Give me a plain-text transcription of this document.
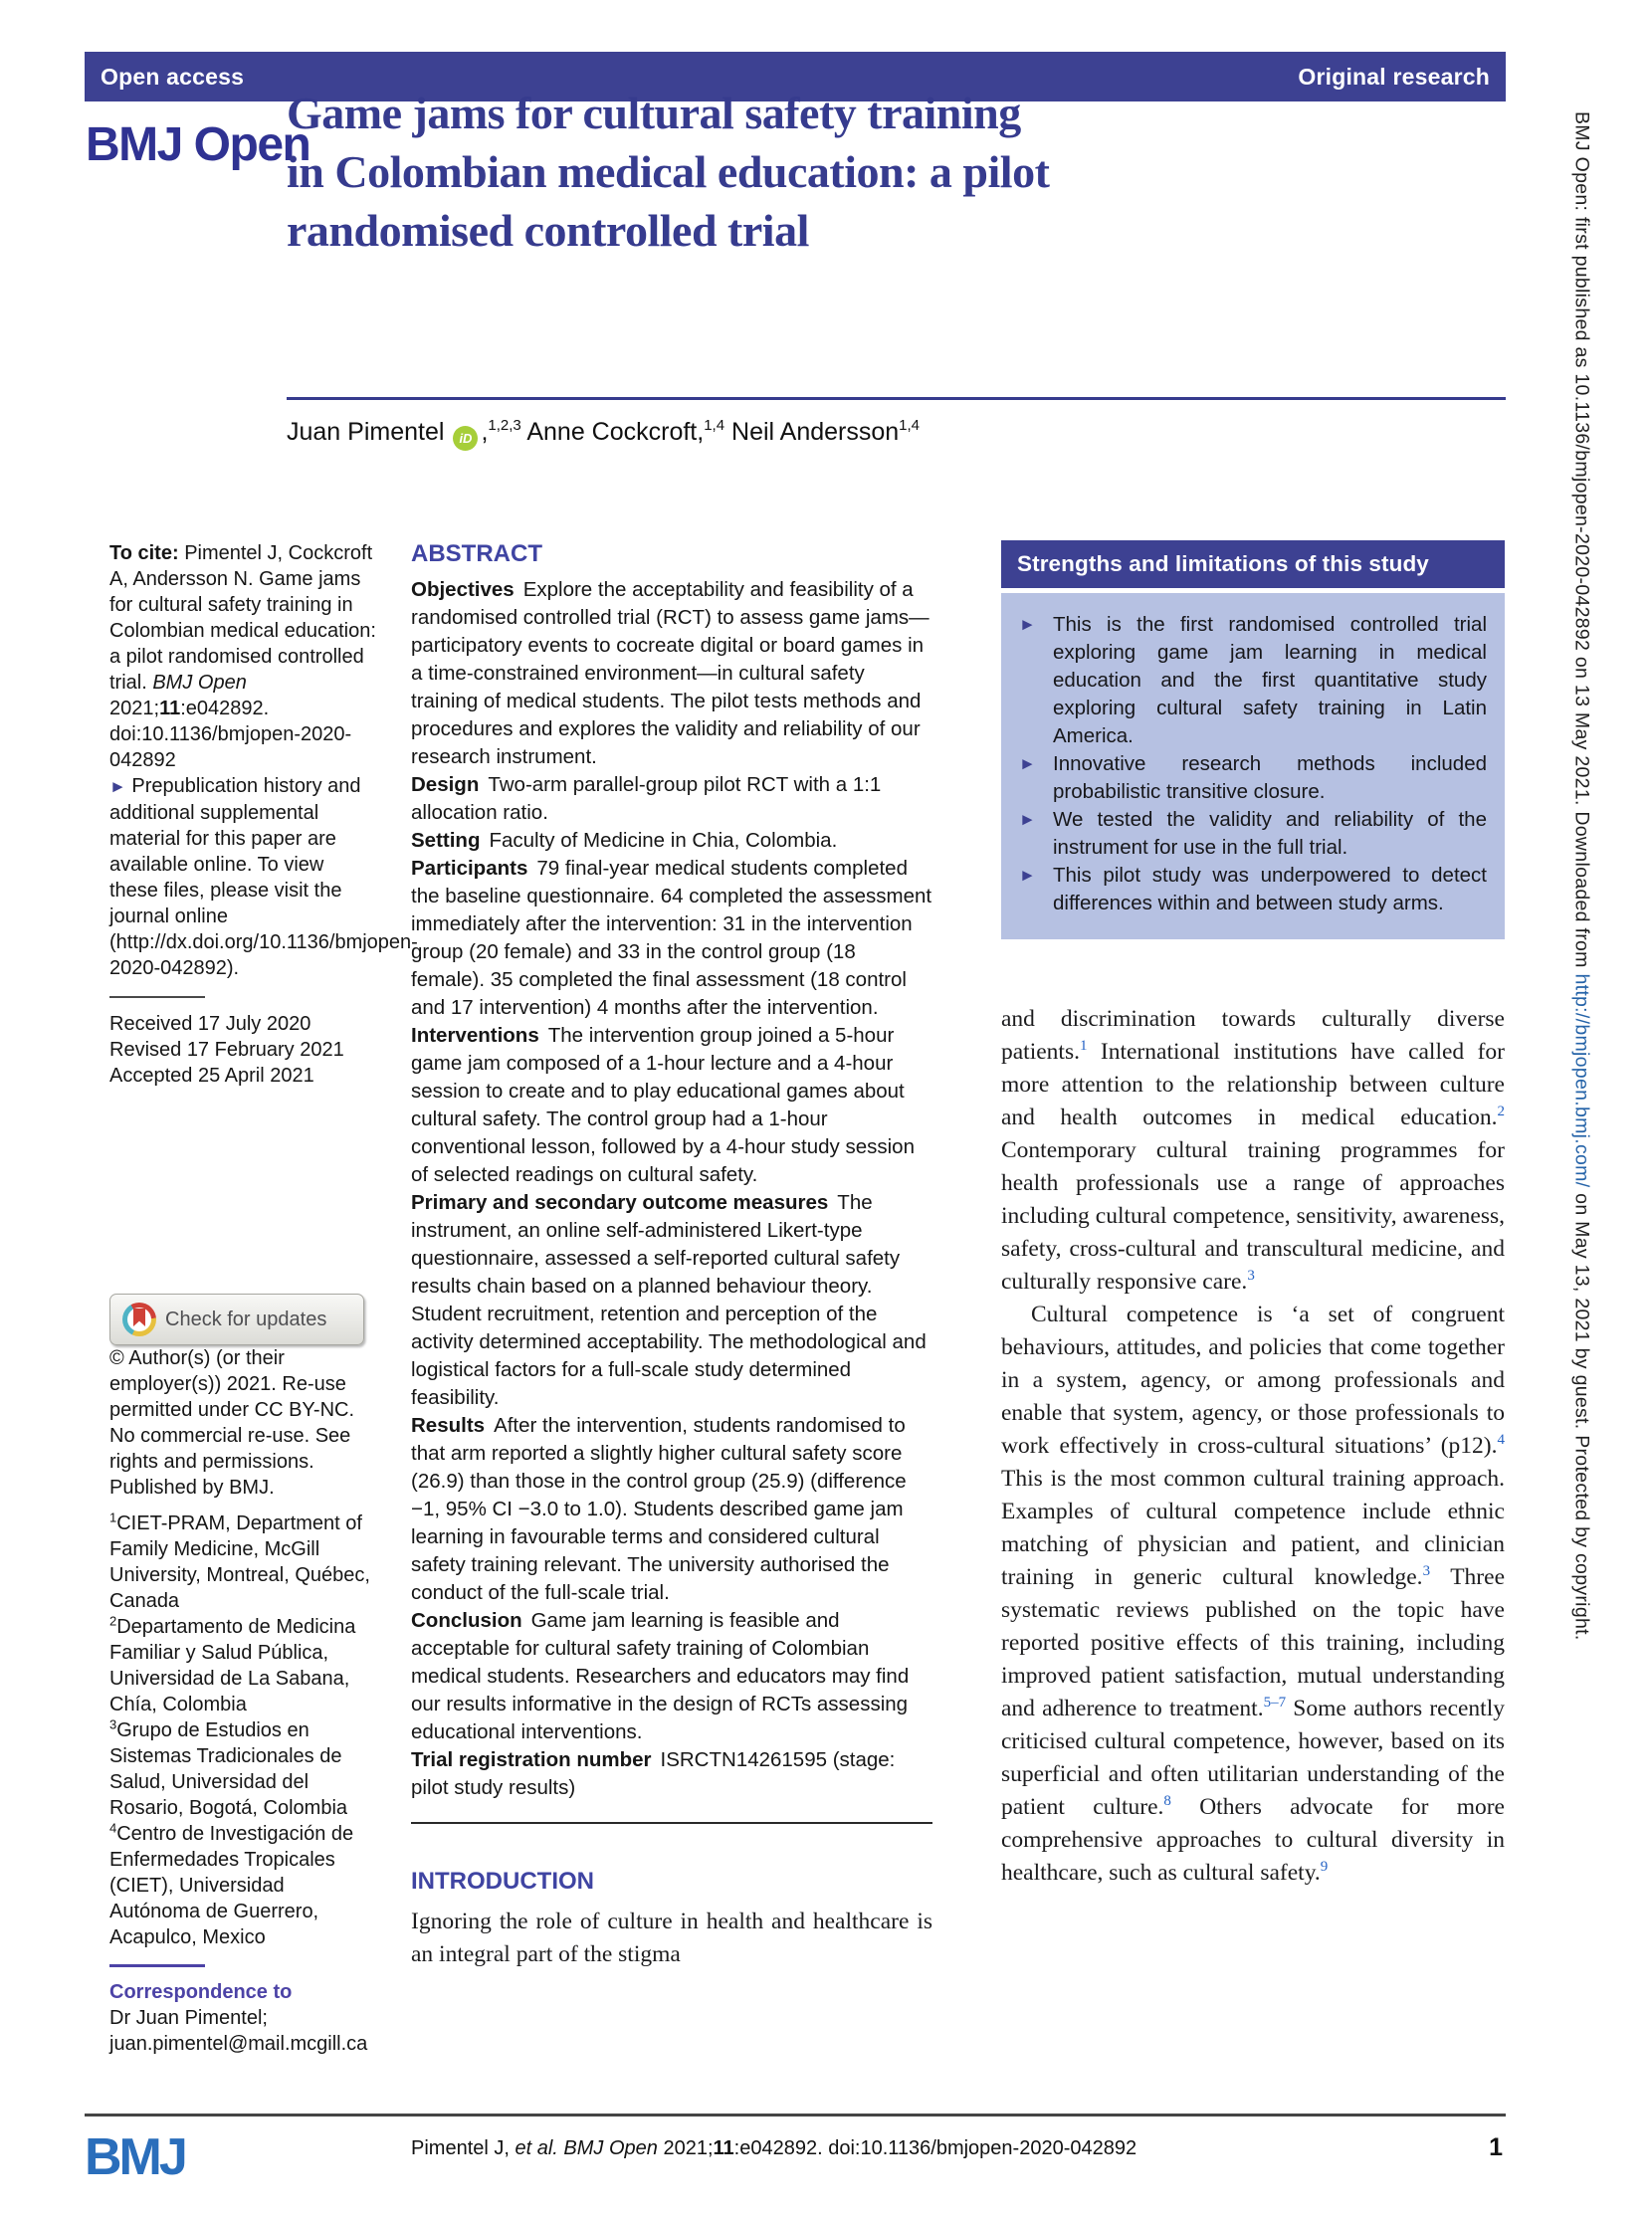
Open access	Original research
BMJ Open
Game jams for cultural safety training
in Colombian medical education: a pilot
randomised controlled trial
Juan Pimentel iD ,$^{1,2,3}$ Anne Cockcroft,$^{1,4}$ Neil Andersson$^{1,4}$

To cite: Pimentel J, Cockcroft A, Andersson N. Game jams for cultural safety training in Colombian medical education: a pilot randomised controlled trial. BMJ Open 2021;11:e042892. doi:10.1136/bmjopen-2020-042892

► Prepublication history and additional supplemental material for this paper are available online. To view these files, please visit the journal online (http://dx.doi.org/10.1136/bmjopen-2020-042892).

Received 17 July 2020

Revised 17 February 2021

Accepted 25 April 2021

Check for updates

© Author(s) (or their employer(s)) 2021. Re-use permitted under CC BY-NC. No commercial re-use. See rights and permissions. Published by BMJ.

$^1$CIET-PRAM, Department of Family Medicine, McGill University, Montreal, Québec, Canada

$^2$Departamento de Medicina Familiar y Salud Pública, Universidad de La Sabana, Chía, Colombia

$^3$Grupo de Estudios en Sistemas Tradicionales de Salud, Universidad del Rosario, Bogotá, Colombia

$^4$Centro de Investigación de Enfermedades Tropicales (CIET), Universidad Autónoma de Guerrero, Acapulco, Mexico

Correspondence to

Dr Juan Pimentel;

juan.pimentel@mail.mcgill.ca

ABSTRACT

Objectives Explore the acceptability and feasibility of a randomised controlled trial (RCT) to assess game jams—participatory events to cocreate digital or board games in a time-constrained environment—in cultural safety training of medical students. The pilot tests methods and procedures and explores the validity and reliability of our research instrument.

Design Two-arm parallel-group pilot RCT with a 1:1 allocation ratio.

Setting Faculty of Medicine in Chia, Colombia.

Participants 79 final-year medical students completed the baseline questionnaire. 64 completed the assessment immediately after the intervention: 31 in the intervention group (20 female) and 33 in the control group (18 female). 35 completed the final assessment (18 control and 17 intervention) 4 months after the intervention.

Interventions The intervention group joined a 5-hour game jam composed of a 1-hour lecture and a 4-hour session to create and to play educational games about cultural safety. The control group had a 1-hour conventional lesson, followed by a 4-hour study session of selected readings on cultural safety.

Primary and secondary outcome measures The instrument, an online self-administered Likert-type questionnaire, assessed a self-reported cultural safety results chain based on a planned behaviour theory. Student recruitment, retention and perception of the activity determined acceptability. The methodological and logistical factors for a full-scale study determined feasibility.

Results After the intervention, students randomised to that arm reported a slightly higher cultural safety score (26.9) than those in the control group (25.9) (difference −1, 95% CI −3.0 to 1.0). Students described game jam learning in favourable terms and considered cultural safety training relevant. The university authorised the conduct of the full-scale trial.

Conclusion Game jam learning is feasible and acceptable for cultural safety training of Colombian medical students. Researchers and educators may find our results informative in the design of RCTs assessing educational interventions.

Trial registration number ISRCTN14261595 (stage: pilot study results)

INTRODUCTION

Ignoring the role of culture in health and healthcare is an integral part of the stigma

Strengths and limitations of this study
► This is the first randomised controlled trial exploring game jam learning in medical education and the first quantitative study exploring cultural safety training in Latin America.
► Innovative research methods included probabilistic transitive closure.
► We tested the validity and reliability of the instrument for use in the full trial.
► This pilot study was underpowered to detect differences within and between study arms.

and discrimination towards culturally diverse patients.$^1$ International institutions have called for more attention to the relationship between culture and health outcomes in medical education.$^2$ Contemporary cultural training programmes for health professionals use a range of approaches including cultural competence, sensitivity, awareness, safety, cross-cultural and transcultural medicine, and culturally responsive care.$^3$

Cultural competence is ‘a set of congruent behaviours, attitudes, and policies that come together in a system, agency, or among professionals and enable that system, agency, or those professionals to work effectively in cross-cultural situations’ (p12).$^4$ This is the most common cultural training approach. Examples of cultural competence include ethnic matching of physician and patient, and clinician training in generic cultural knowledge.$^3$ Three systematic reviews published on the topic have reported positive effects of this training, including improved patient satisfaction, mutual understanding and adherence to treatment.$^{5-7}$ Some authors recently criticised cultural competence, however, based on its superficial and often utilitarian understanding of the patient culture.$^8$ Others advocate for more comprehensive approaches to cultural diversity in healthcare, such as cultural safety.$^9$

BMJ	Pimentel J, et al. BMJ Open 2021;11:e042892. doi:10.1136/bmjopen-2020-042892	1
BMJ Open: first published as 10.1136/bmjopen-2020-042892 on 13 May 2021. Downloaded from http://bmjopen.bmj.com/ on May 13, 2021 by guest. Protected by copyright.
